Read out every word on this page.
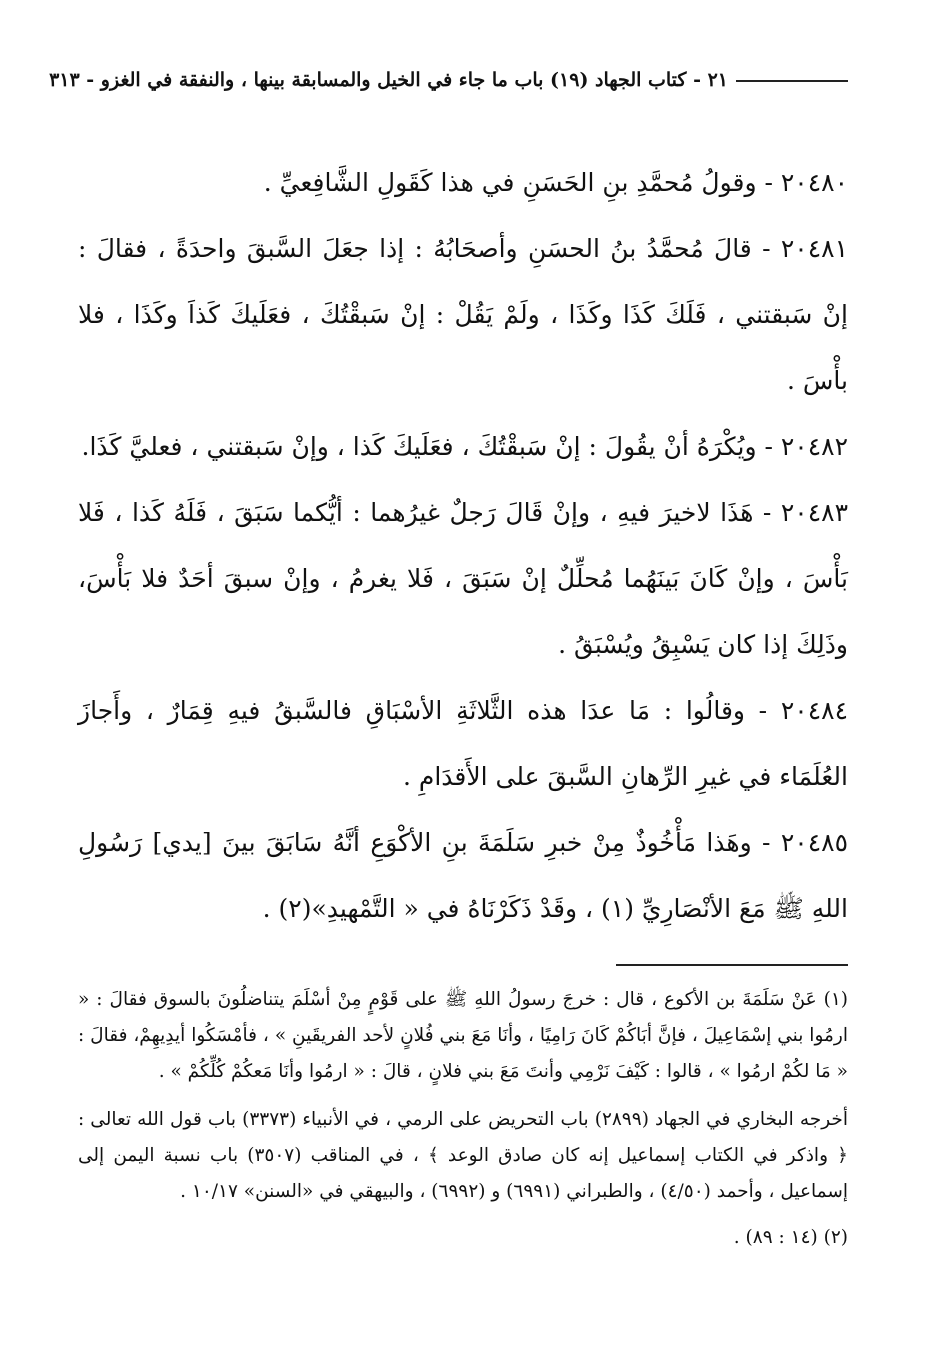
٢١ - كتاب الجهاد (١٩) باب ما جاء في الخيل والمسابقة بينها ، والنفقة في الغزو - ٣١٣

٢٠٤٨٠ - وقولُ مُحمَّدِ بنِ الحَسَنِ في هذا كَقَولِ الشَّافِعيِّ .

٢٠٤٨١ - قالَ مُحمَّدُ بنُ الحسَنِ وأصحَابُهُ : إذا جعَلَ السَّبقَ واحدَةً ، فقالَ : إنْ سَبقتني ، فَلَكَ كَذَا وكَذَا ، ولَمْ يَقُلْ : إنْ سَبقْتُكَ ، فعَلَيكَ كَذاَ وكَذَا ، فلا بأْسَ .

٢٠٤٨٢ - ويُكْرَهُ أنْ يقُولَ : إنْ سَبقْتُكَ ، فعَلَيكَ كَذا ، وإنْ سَبقتني ، فعليَّ كَذَا.

٢٠٤٨٣ - هَذَا لاخيرَ فيهِ ، وإنْ قَالَ رَجلٌ غيرُهما : أيُّكما سَبَقَ ، فَلَهُ كَذا ، فَلا بَأْسَ ، وإنْ كَانَ بَينَهُما مُحلِّلٌ إنْ سَبَقَ ، فَلا يغرمُ ، وإنْ سبقَ أحَدٌ فلا بَأْسَ، وذَلِكَ إذا كان يَسْبِقُ ويُسْبَقُ .

٢٠٤٨٤ - وقالُوا : مَا عدَا هذه الثَّلاثَةِ الأسْبَاقِ فالسَّبقُ فيهِ قِمَارٌ ، وأَجازَ العُلَمَاء في غيرِ الرِّهانِ السَّبقَ على الأَقدَامِ .

٢٠٤٨٥ - وهَذا مَأْخُوذٌ مِنْ خبرِ سَلَمَةَ بنِ الأكْوَعِ أنَّهُ سَابَقَ بينَ [يدي] رَسُولِ اللهِ ﷺ مَعَ الأنْصَارِيِّ (١) ، وقَدْ ذَكَرْنَاهُ في « التَّمْهيدِ»(٢) .

(١) عَنْ سَلَمَةَ بن الأكوع ، قال : خرجَ رسولُ اللهِ ﷺ على قَوْمٍ مِنْ أسْلَمَ يتناضلُونَ بالسوق فقالَ : « ارمُوا بني إسْمَاعِيلَ ، فإنَّ أبَاكُمْ كَانَ رَامِيًا ، وأنَا مَعَ بني فُلانٍ لأحد الفريقَينِ » ، فأمْسَكُوا أيدِيهِمْ، فقالَ : « مَا لكُمْ ارمُوا » ، قالوا : كَيْفَ نَرْمِي وأنتَ مَعَ بني فلانٍ ، قالَ : « ارمُوا وأنَا مَعكُمْ كُلِّكُمْ » .

أخرجه البخاري في الجهاد (٢٨٩٩) باب التحريض على الرمي ، في الأنبياء (٣٣٧٣) باب قول الله تعالى : ﴿ واذكر في الكتاب إسماعيل إنه كان صادق الوعد ﴾ ، في المناقب (٣٥٠٧) باب نسبة اليمن إلى إسماعيل ، وأحمد (٤/٥٠) ، والطبراني (٦٩٩١) و (٦٩٩٢) ، والبيهقي في «السنن» ١٠/١٧ .

(٢) (١٤ : ٨٩) .
